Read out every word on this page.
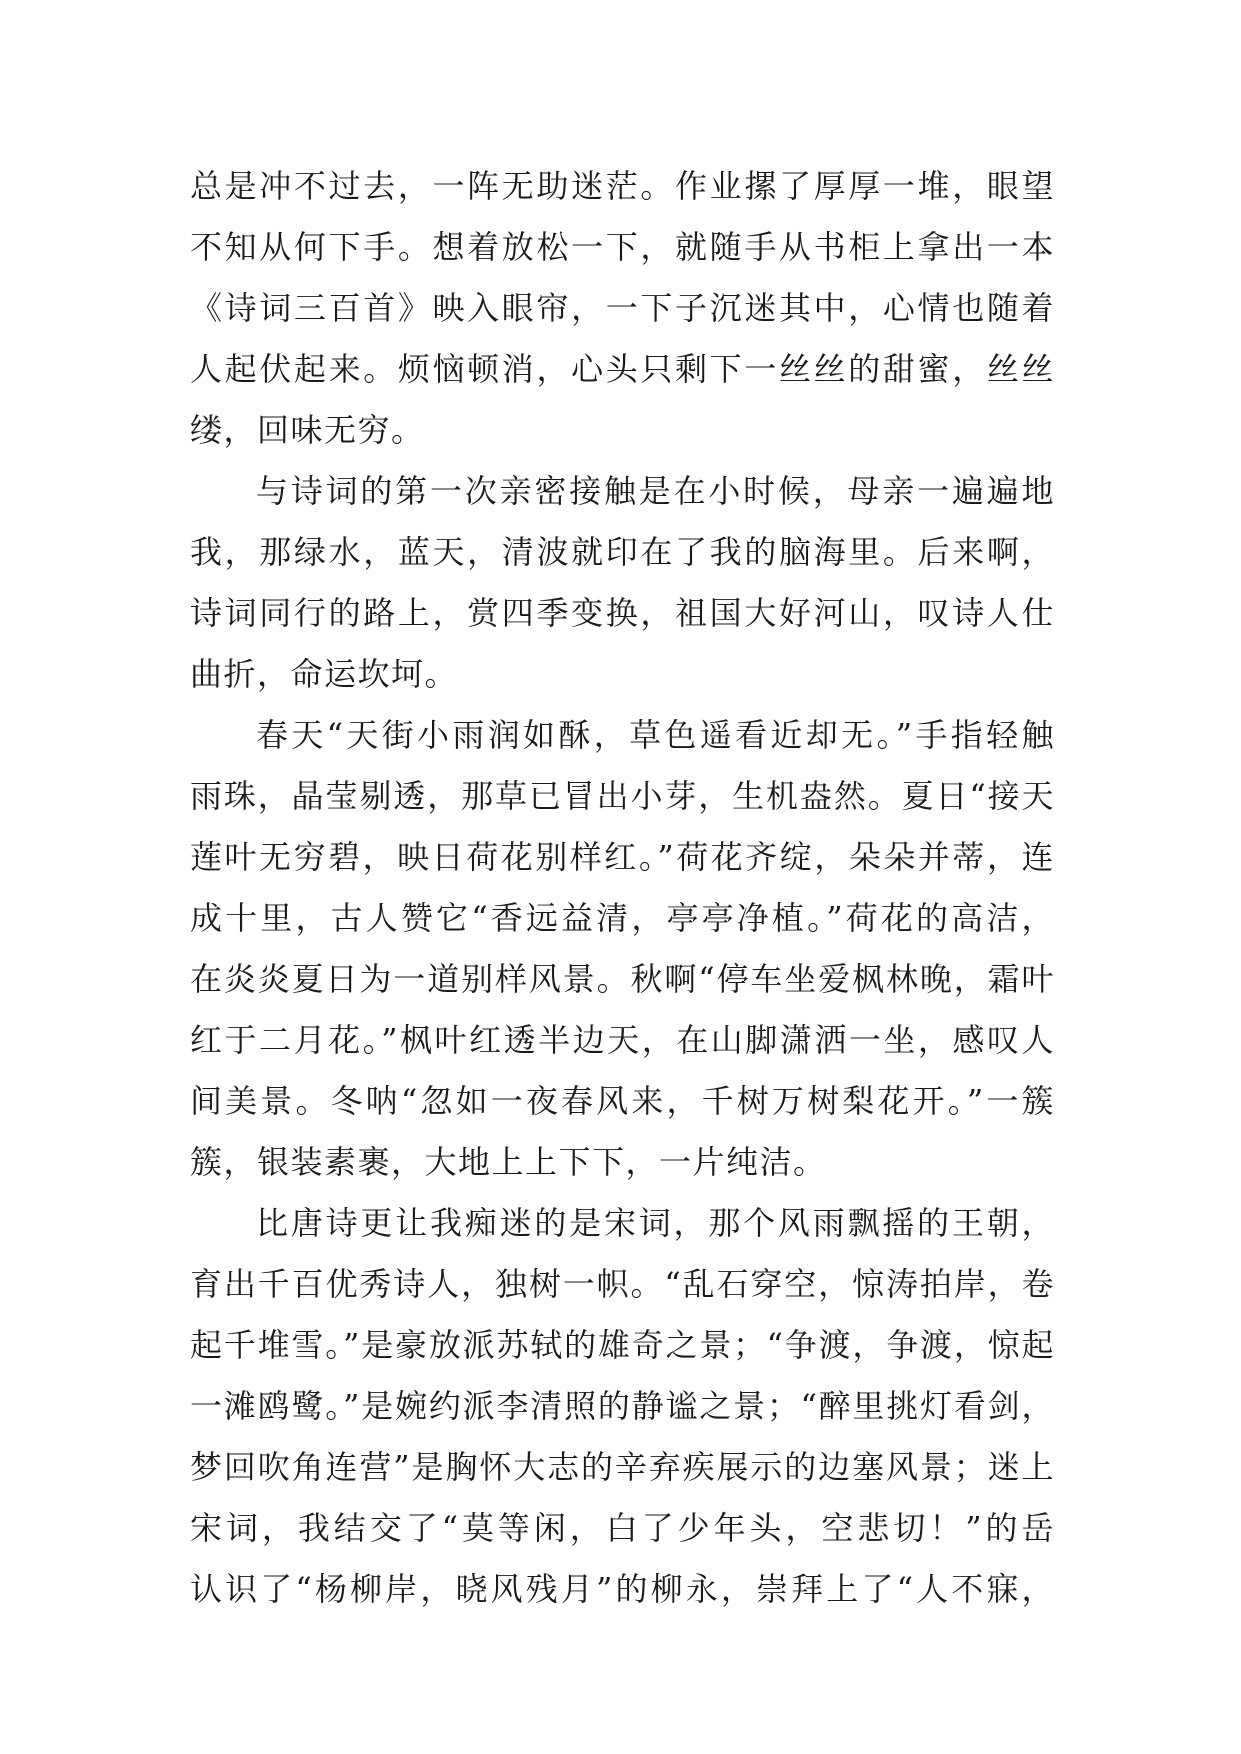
总是冲不过去，一阵无助迷茫。作业摞了厚厚一堆，眼望
不知从何下手。想着放松一下，就随手从书柜上拿出一本
《诗词三百首》映入眼帘，一下子沉迷其中，心情也随着
人起伏起来。烦恼顿消，心头只剩下一丝丝的甜蜜，丝丝
缕，回味无穷。
与诗词的第一次亲密接触是在小时候，母亲一遍遍地
我，那绿水，蓝天，清波就印在了我的脑海里。后来啊，
诗词同行的路上，赏四季变换，祖国大好河山，叹诗人仕
曲折，命运坎坷。
春天“天街小雨润如酥，草色遥看近却无。”手指轻触
雨珠，晶莹剔透，那草已冒出小芽，生机盎然。夏日“接天
莲叶无穷碧，映日荷花别样红。”荷花齐绽，朵朵并蒂，连
成十里，古人赞它“香远益清，亭亭净植。”荷花的高洁，
在炎炎夏日为一道别样风景。秋啊“停车坐爱枫林晚，霜叶
红于二月花。”枫叶红透半边天，在山脚潇洒一坐，感叹人
间美景。冬呐“忽如一夜春风来，千树万树梨花开。”一簇
簇，银装素裹，大地上上下下，一片纯洁。
比唐诗更让我痴迷的是宋词，那个风雨飘摇的王朝，
育出千百优秀诗人，独树一帜。“乱石穿空，惊涛拍岸，卷
起千堆雪。”是豪放派苏轼的雄奇之景；“争渡，争渡，惊起
一滩鸥鹭。”是婉约派李清照的静谧之景；“醉里挑灯看剑，
梦回吹角连营”是胸怀大志的辛弃疾展示的边塞风景；迷上
宋词，我结交了“莫等闲，白了少年头，空悲切！”的岳
认识了“杨柳岸，晓风残月”的柳永，崇拜上了“人不寐，
